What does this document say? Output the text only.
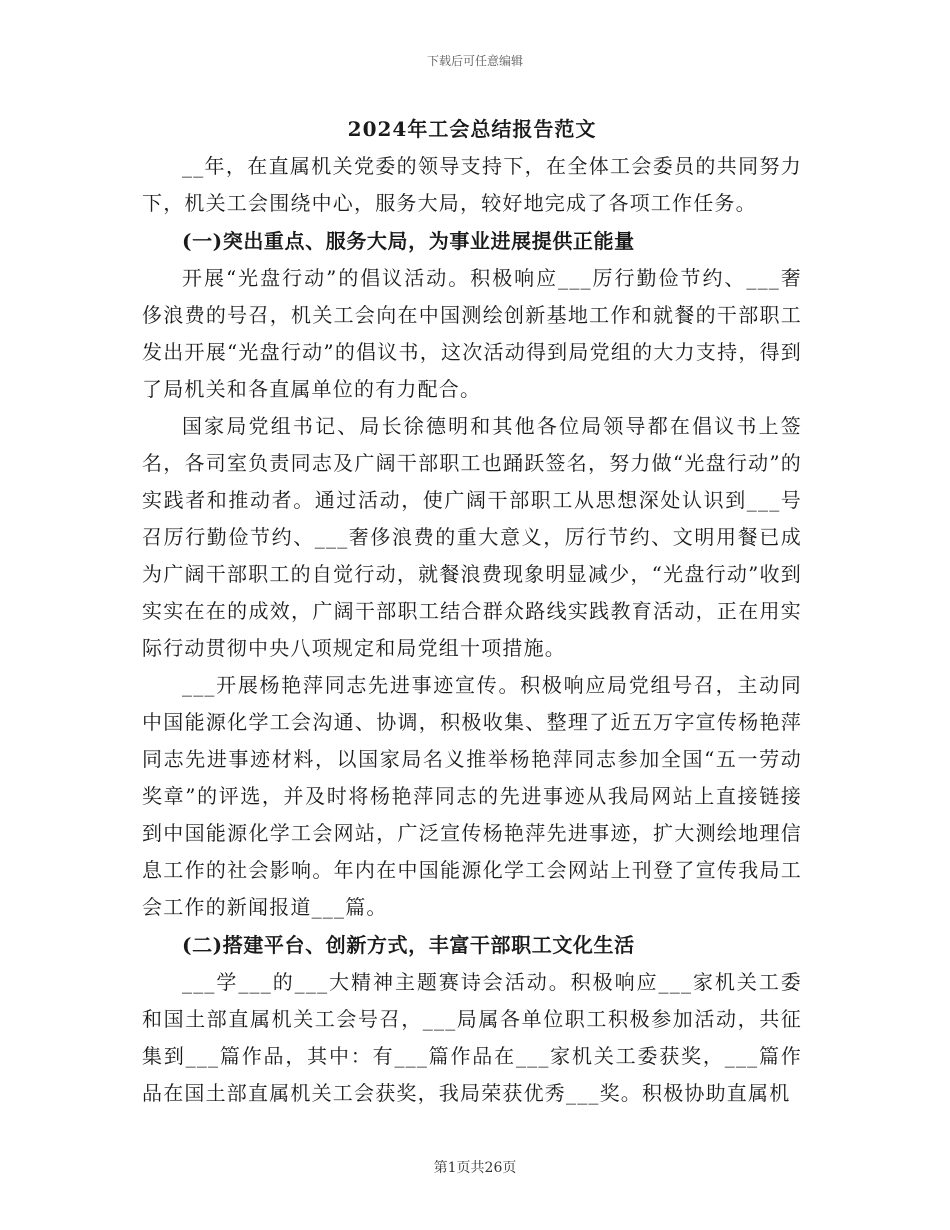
下载后可任意编辑
2024年工会总结报告范文

__年，在直属机关党委的领导支持下，在全体工会委员的共同努力下，机关工会围绕中心，服务大局，较好地完成了各项工作任务。

(一)突出重点、服务大局，为事业进展提供正能量

开展“光盘行动”的倡议活动。积极响应___厉行勤俭节约、___奢侈浪费的号召，机关工会向在中国测绘创新基地工作和就餐的干部职工发出开展“光盘行动”的倡议书，这次活动得到局党组的大力支持，得到了局机关和各直属单位的有力配合。

国家局党组书记、局长徐德明和其他各位局领导都在倡议书上签名，各司室负责同志及广阔干部职工也踊跃签名，努力做“光盘行动”的实践者和推动者。通过活动，使广阔干部职工从思想深处认识到___号召厉行勤俭节约、___奢侈浪费的重大意义，厉行节约、文明用餐已成为广阔干部职工的自觉行动，就餐浪费现象明显减少，“光盘行动”收到实实在在的成效，广阔干部职工结合群众路线实践教育活动，正在用实际行动贯彻中央八项规定和局党组十项措施。

___开展杨艳萍同志先进事迹宣传。积极响应局党组号召，主动同中国能源化学工会沟通、协调，积极收集、整理了近五万字宣传杨艳萍同志先进事迹材料，以国家局名义推举杨艳萍同志参加全国“五一劳动奖章”的评选，并及时将杨艳萍同志的先进事迹从我局网站上直接链接到中国能源化学工会网站，广泛宣传杨艳萍先进事迹，扩大测绘地理信息工作的社会影响。年内在中国能源化学工会网站上刊登了宣传我局工会工作的新闻报道___篇。

(二)搭建平台、创新方式，丰富干部职工文化生活

___学___的___大精神主题赛诗会活动。积极响应___家机关工委和国土部直属机关工会号召，___局属各单位职工积极参加活动，共征集到___篇作品，其中：有___篇作品在___家机关工委获奖，___篇作品在国土部直属机关工会获奖，我局荣获优秀___奖。积极协助直属机

第1页共26页
